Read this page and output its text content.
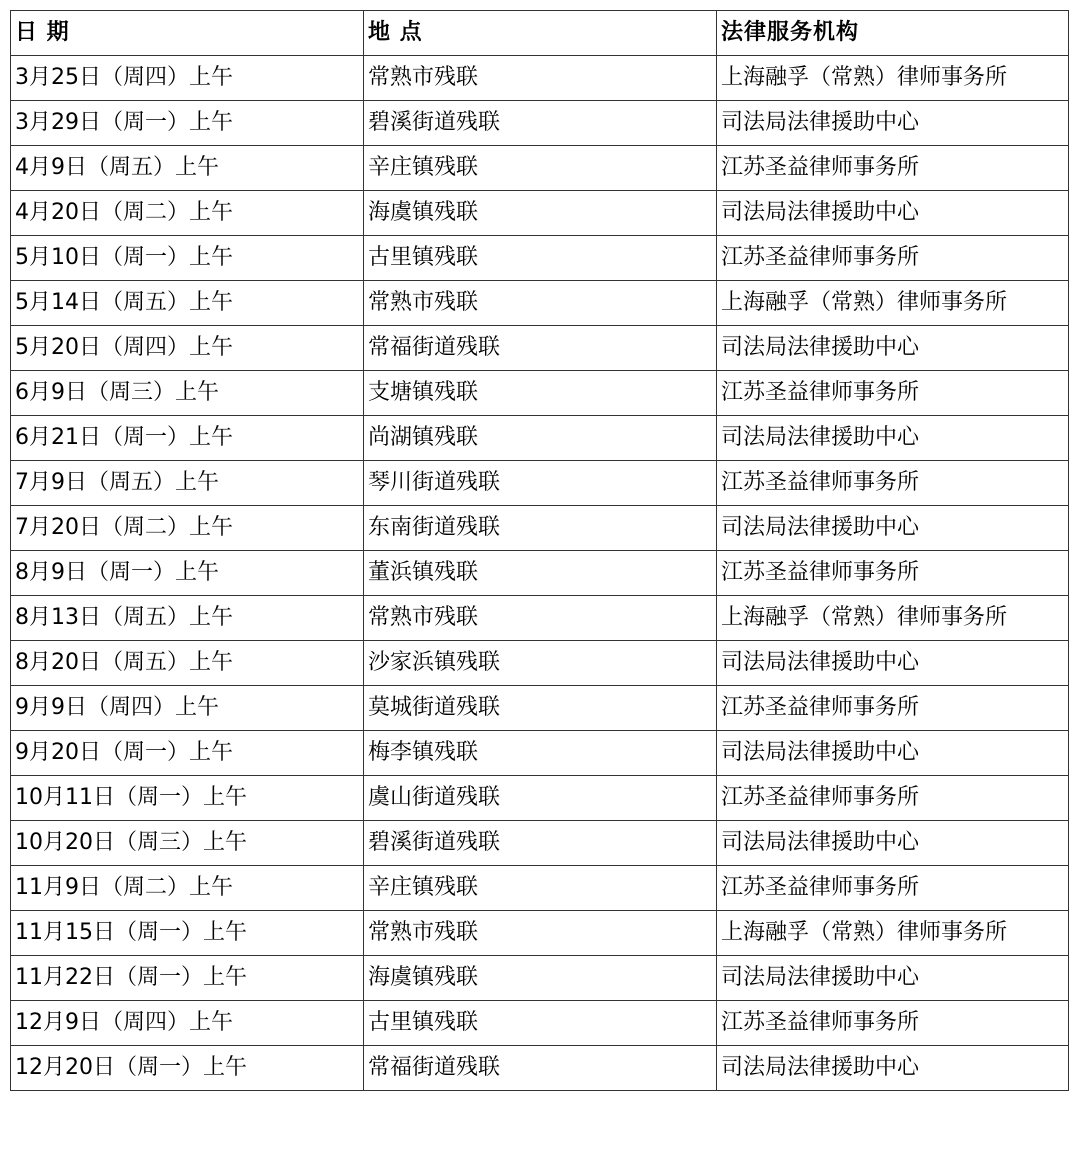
日 期	地 点	法律服务机构
3月25日（周四）上午	常熟市残联	上海融孚（常熟）律师事务所
3月29日（周一）上午	碧溪街道残联	司法局法律援助中心
4月9日（周五）上午	辛庄镇残联	江苏圣益律师事务所
4月20日（周二）上午	海虞镇残联	司法局法律援助中心
5月10日（周一）上午	古里镇残联	江苏圣益律师事务所
5月14日（周五）上午	常熟市残联	上海融孚（常熟）律师事务所
5月20日（周四）上午	常福街道残联	司法局法律援助中心
6月9日（周三）上午	支塘镇残联	江苏圣益律师事务所
6月21日（周一）上午	尚湖镇残联	司法局法律援助中心
7月9日（周五）上午	琴川街道残联	江苏圣益律师事务所
7月20日（周二）上午	东南街道残联	司法局法律援助中心
8月9日（周一）上午	董浜镇残联	江苏圣益律师事务所
8月13日（周五）上午	常熟市残联	上海融孚（常熟）律师事务所
8月20日（周五）上午	沙家浜镇残联	司法局法律援助中心
9月9日（周四）上午	莫城街道残联	江苏圣益律师事务所
9月20日（周一）上午	梅李镇残联	司法局法律援助中心
10月11日（周一）上午	虞山街道残联	江苏圣益律师事务所
10月20日（周三）上午	碧溪街道残联	司法局法律援助中心
11月9日（周二）上午	辛庄镇残联	江苏圣益律师事务所
11月15日（周一）上午	常熟市残联	上海融孚（常熟）律师事务所
11月22日（周一）上午	海虞镇残联	司法局法律援助中心
12月9日（周四）上午	古里镇残联	江苏圣益律师事务所
12月20日（周一）上午	常福街道残联	司法局法律援助中心
